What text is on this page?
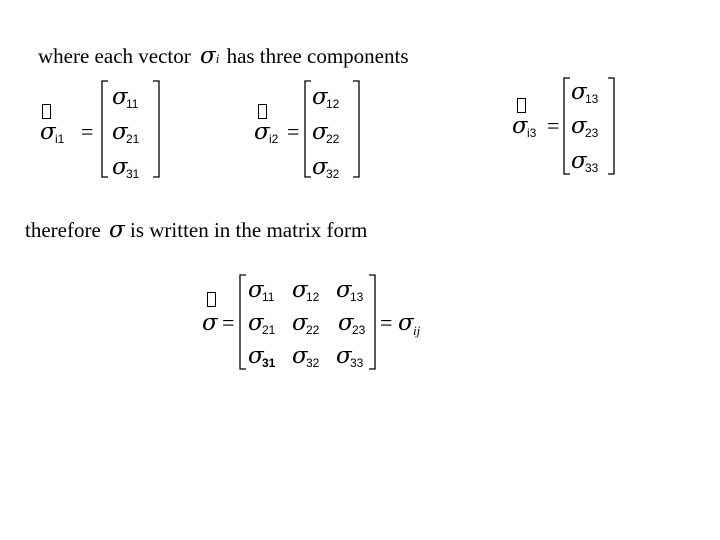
where each vector σi has three components
σ i1 =
σ
11
σ
21
σ
31
σ i2 =
σ
12
σ
22
σ
32
σ i3 =
σ
13
σ
23
σ
33
therefore σ is written in the matrix form
σ =
σ
11 σ
12 σ
13
σ
21 σ
22 σ
23
σ
31 σ
32 σ
33
= σ ij
